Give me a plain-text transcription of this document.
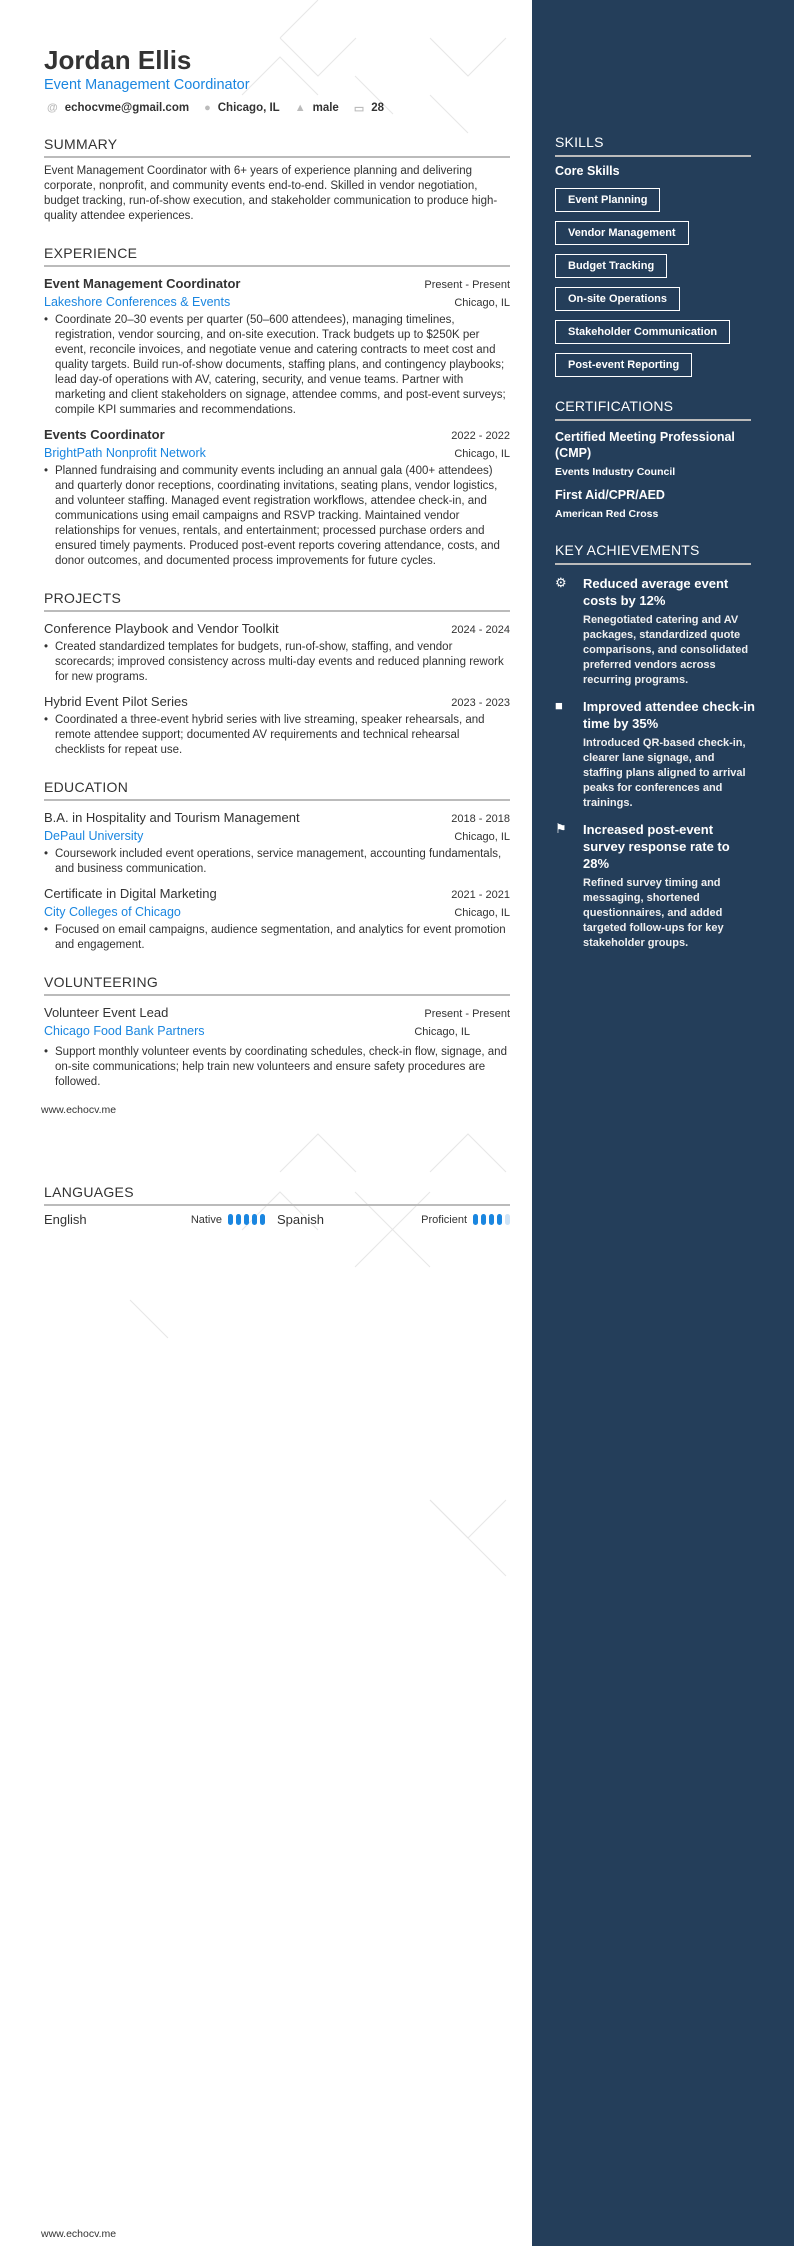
Jordan Ellis
Event Management Coordinator
@ echocvme@gmail.com ● Chicago, IL ▲ male ▭ 28
SUMMARY
Event Management Coordinator with 6+ years of experience planning and delivering corporate, nonprofit, and community events end-to-end. Skilled in vendor negotiation, budget tracking, run-of-show execution, and stakeholder communication to produce high-quality attendee experiences.
EXPERIENCE
Event Management Coordinator	Present - Present
Lakeshore Conferences & Events	Chicago, IL
• Coordinate 20–30 events per quarter (50–600 attendees), managing timelines, registration, vendor sourcing, and on-site execution. Track budgets up to $250K per event, reconcile invoices, and negotiate venue and catering contracts to meet cost and quality targets. Build run-of-show documents, staffing plans, and contingency playbooks; lead day-of operations with AV, catering, security, and venue teams. Partner with marketing and client stakeholders on signage, attendee comms, and post-event surveys; compile KPI summaries and recommendations.
Events Coordinator	2022 - 2022
BrightPath Nonprofit Network	Chicago, IL
• Planned fundraising and community events including an annual gala (400+ attendees) and quarterly donor receptions, coordinating invitations, seating plans, vendor logistics, and volunteer staffing. Managed event registration workflows, attendee check-in, and communications using email campaigns and RSVP tracking. Maintained vendor relationships for venues, rentals, and entertainment; processed purchase orders and ensured timely payments. Produced post-event reports covering attendance, costs, and donor outcomes, and documented process improvements for future cycles.
PROJECTS
Conference Playbook and Vendor Toolkit	2024 - 2024
• Created standardized templates for budgets, run-of-show, staffing, and vendor scorecards; improved consistency across multi-day events and reduced planning rework for new programs.
Hybrid Event Pilot Series	2023 - 2023
• Coordinated a three-event hybrid series with live streaming, speaker rehearsals, and remote attendee support; documented AV requirements and technical rehearsal checklists for repeat use.
EDUCATION
B.A. in Hospitality and Tourism Management	2018 - 2018
DePaul University	Chicago, IL
• Coursework included event operations, service management, accounting fundamentals, and business communication.
Certificate in Digital Marketing	2021 - 2021
City Colleges of Chicago	Chicago, IL
• Focused on email campaigns, audience segmentation, and analytics for event promotion and engagement.
VOLUNTEERING
Volunteer Event Lead	Present - Present
Chicago Food Bank Partners	Chicago, IL
• Support monthly volunteer events by coordinating schedules, check-in flow, signage, and on-site communications; help train new volunteers and ensure safety procedures are followed.
www.echocv.me
LANGUAGES
English	Native	Spanish	Proficient
www.echocv.me
SKILLS
Core Skills
Event Planning
Vendor Management
Budget Tracking
On-site Operations
Stakeholder Communication
Post-event Reporting
CERTIFICATIONS
Certified Meeting Professional (CMP)
Events Industry Council
First Aid/CPR/AED
American Red Cross
KEY ACHIEVEMENTS
⚙	Reduced average event costs by 12%

Renegotiated catering and AV packages, standardized quote comparisons, and consolidated preferred vendors across recurring programs.

■	Improved attendee check-in time by 35%

Introduced QR-based check-in, clearer lane signage, and staffing plans aligned to arrival peaks for conferences and trainings.

⚑	Increased post-event survey response rate to 28%

Refined survey timing and messaging, shortened questionnaires, and added targeted follow-ups for key stakeholder groups.
